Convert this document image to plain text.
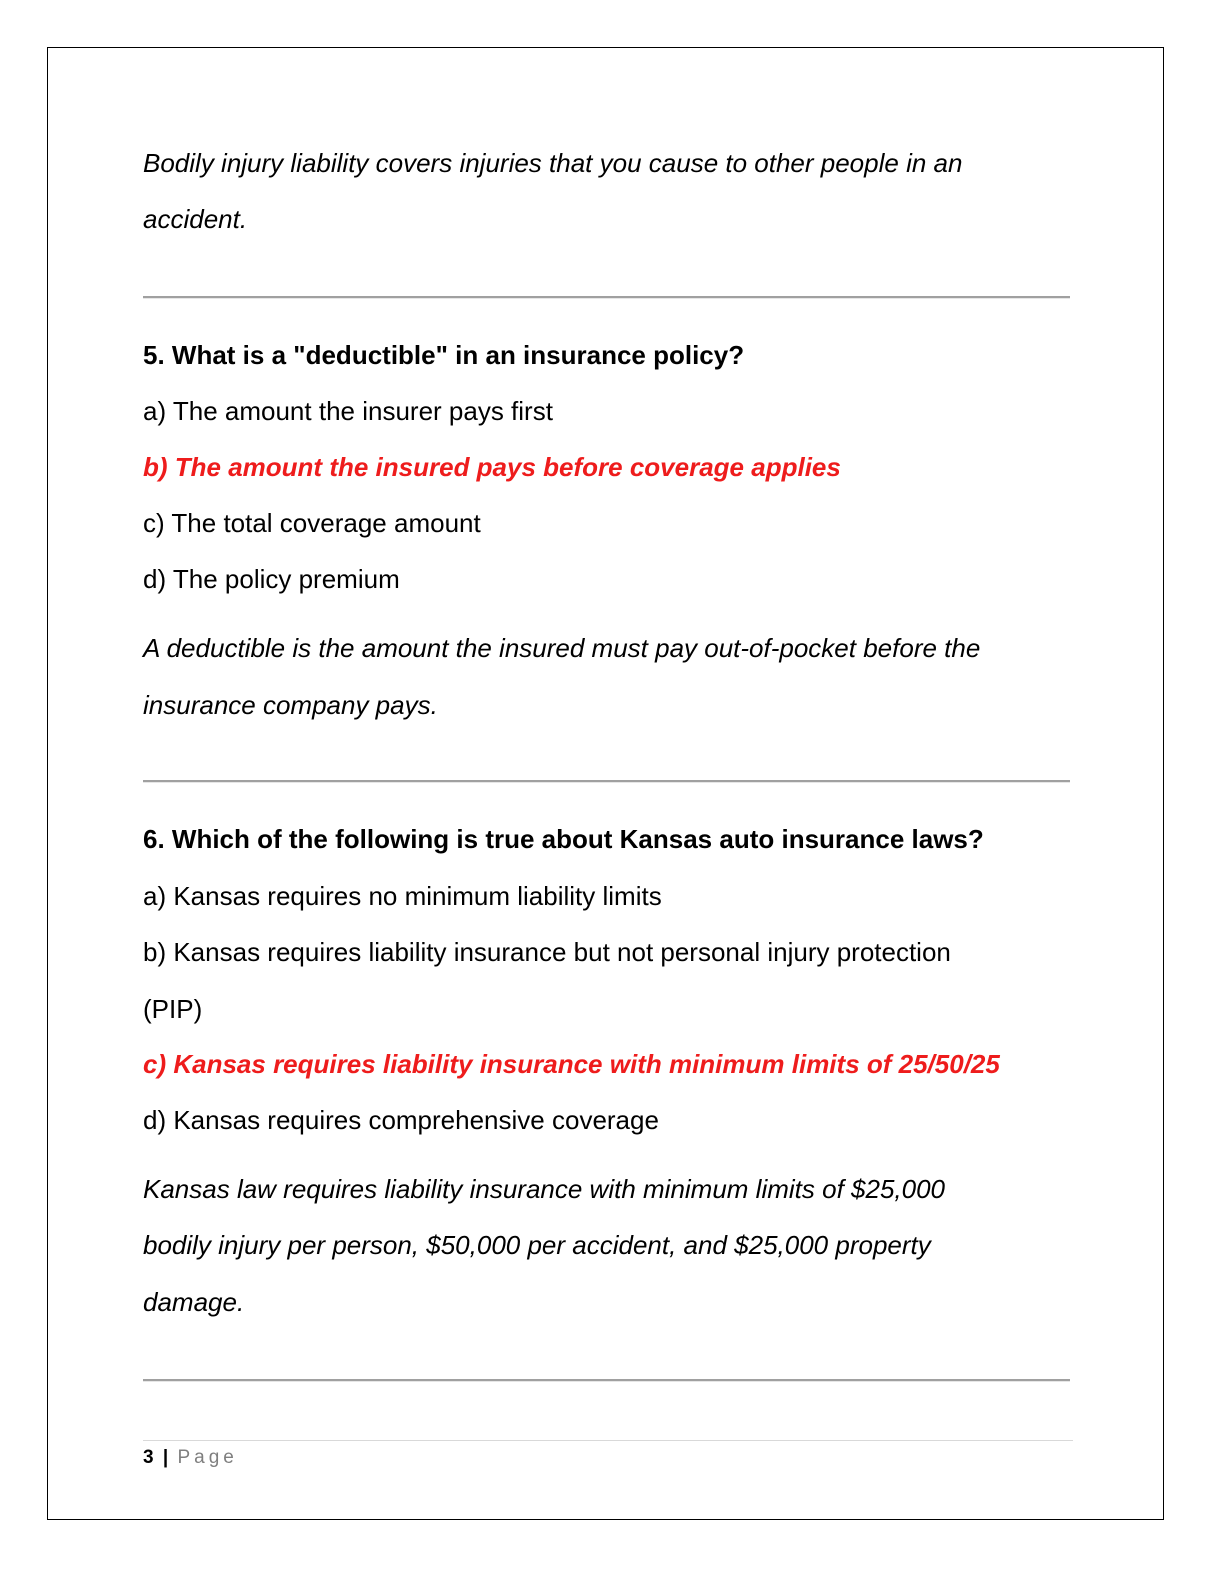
Bodily injury liability covers injuries that you cause to other people in an
accident.
5. What is a "deductible" in an insurance policy?
a) The amount the insurer pays first
b) The amount the insured pays before coverage applies
c) The total coverage amount
d) The policy premium
A deductible is the amount the insured must pay out-of-pocket before the
insurance company pays.
6. Which of the following is true about Kansas auto insurance laws?
a) Kansas requires no minimum liability limits
b) Kansas requires liability insurance but not personal injury protection
(PIP)
c) Kansas requires liability insurance with minimum limits of 25/50/25
d) Kansas requires comprehensive coverage
Kansas law requires liability insurance with minimum limits of $25,000
bodily injury per person, $50,000 per accident, and $25,000 property
damage.
3 | Page
